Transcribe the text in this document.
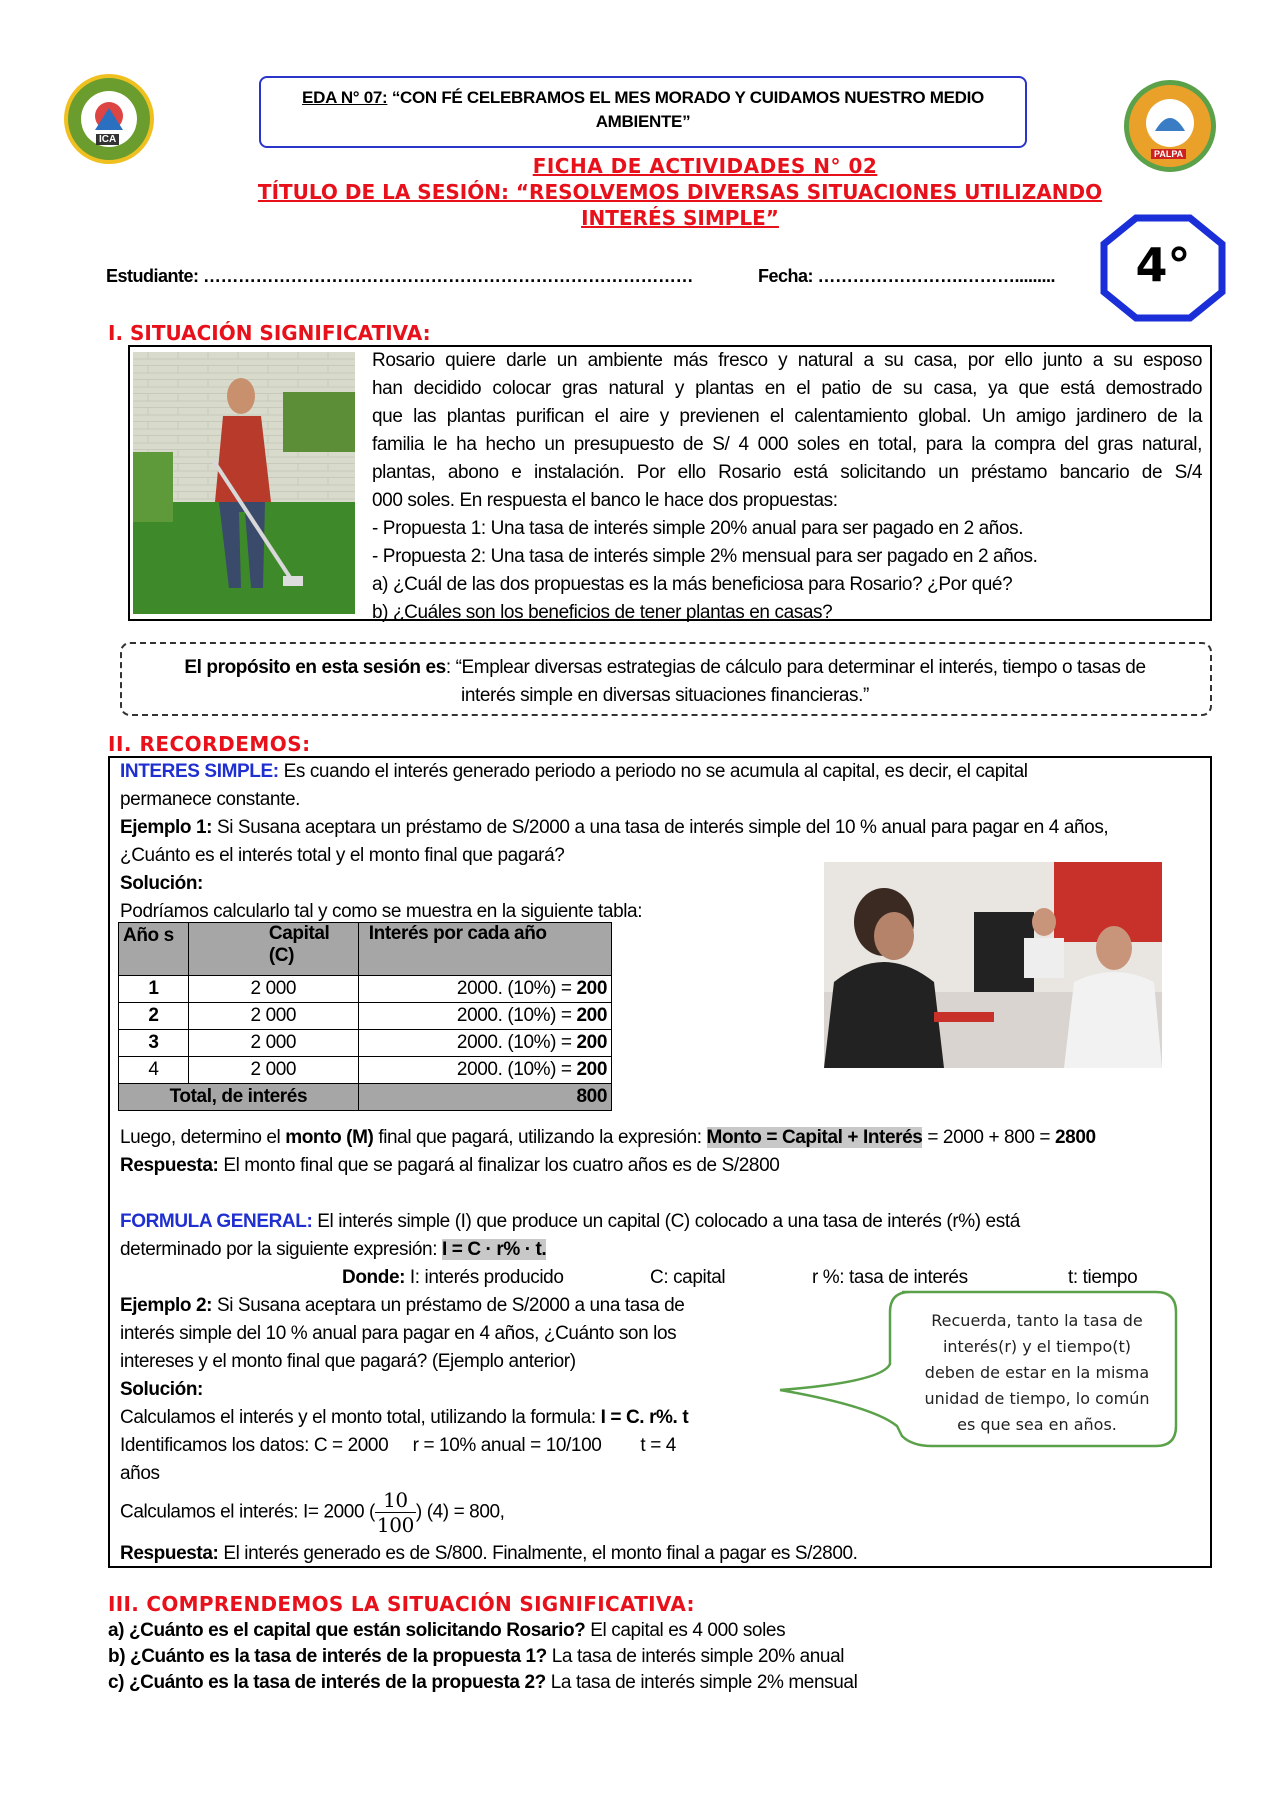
ICA
EDA N° 07: “CON FÉ CELEBRAMOS EL MES MORADO Y CUIDAMOS NUESTRO MEDIO
AMBIENTE”
PALPA
FICHA DE ACTIVIDADES N° 02
TÍTULO DE LA SESIÓN: “RESOLVEMOS DIVERSAS SITUACIONES UTILIZANDO
INTERÉS SIMPLE”
Estudiante: …………………………………………………………………………	Fecha: …………………….……….........	4°
I. SITUACIÓN SIGNIFICATIVA:
Rosario quiere darle un ambiente más fresco y natural a su casa, por ello junto a su esposo
han decidido colocar gras natural y plantas en el patio de su casa, ya que está demostrado
que las plantas purifican el aire y previenen el calentamiento global. Un amigo jardinero de la
familia le ha hecho un presupuesto de S/ 4 000 soles en total, para la compra del gras natural,
plantas, abono e instalación. Por ello Rosario está solicitando un préstamo bancario de S/4
000 soles. En respuesta el banco le hace dos propuestas:
- Propuesta 1: Una tasa de interés simple 20% anual para ser pagado en 2 años.
- Propuesta 2: Una tasa de interés simple 2% mensual para ser pagado en 2 años.
a) ¿Cuál de las dos propuestas es la más beneficiosa para Rosario? ¿Por qué?
b) ¿Cuáles son los beneficios de tener plantas en casas?
El propósito en esta sesión es: “Emplear diversas estrategias de cálculo para determinar el interés, tiempo o tasas de
interés simple en diversas situaciones financieras.”
II. RECORDEMOS:
INTERES SIMPLE: Es cuando el interés generado periodo a periodo no se acumula al capital, es decir, el capital
permanece constante.
Ejemplo 1: Si Susana aceptara un préstamo de S/2000 a una tasa de interés simple del 10 % anual para pagar en 4 años,
¿Cuánto es el interés total y el monto final que pagará?
Solución:
Podríamos calcularlo tal y como se muestra en la siguiente tabla:
Año s	Capital (C)	Interés por cada año
1	2 000	2000. (10%) = 200
2	2 000	2000. (10%) = 200
3	2 000	2000. (10%) = 200
4	2 000	2000. (10%) = 200
Total, de interés		800
Luego, determino el monto (M) final que pagará, utilizando la expresión: Monto = Capital + Interés = 2000 + 800 = 2800
Respuesta: El monto final que se pagará al finalizar los cuatro años es de S/2800
FORMULA GENERAL: El interés simple (I) que produce un capital (C) colocado a una tasa de interés (r%) está
determinado por la siguiente expresión: I = C · r% · t.
Donde: I: interés producido	C: capital	r %: tasa de interés	t: tiempo
Ejemplo 2: Si Susana aceptara un préstamo de S/2000 a una tasa de
interés simple del 10 % anual para pagar en 4 años, ¿Cuánto son los
intereses y el monto final que pagará? (Ejemplo anterior)
Solución:
Calculamos el interés y el monto total, utilizando la formula: I = C. r%. t
Identificamos los datos: C = 2000     r = 10% anual = 10/100        t = 4
años
Calculamos el interés: I= 2000 ( $\frac{10}{100}$ ) (4) = 800,
Respuesta: El interés generado es de S/800. Finalmente, el monto final a pagar es S/2800.
Recuerda, tanto la tasa de
interés(r) y el tiempo(t)
deben de estar en la misma
unidad de tiempo, lo común
es que sea en años.
III. COMPRENDEMOS LA SITUACIÓN SIGNIFICATIVA:
a) ¿Cuánto es el capital que están solicitando Rosario? El capital es 4 000 soles
b) ¿Cuánto es la tasa de interés de la propuesta 1? La tasa de interés simple 20% anual
c) ¿Cuánto es la tasa de interés de la propuesta 2? La tasa de interés simple 2% mensual
